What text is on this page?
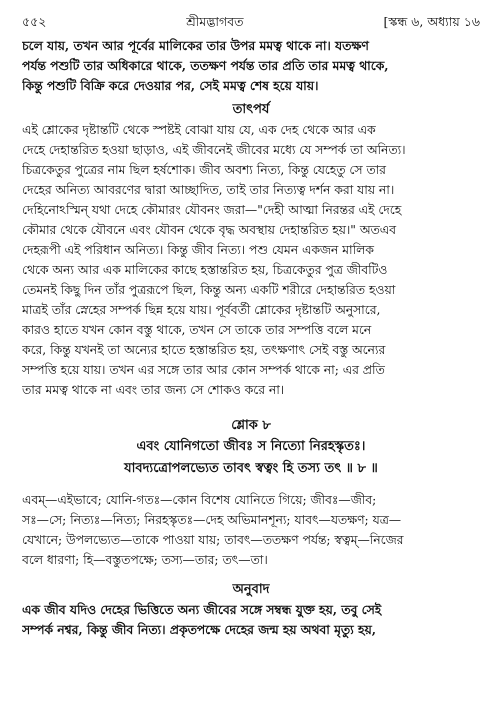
৫৫২	শ্রীমদ্ভাগবত	[স্কন্ধ ৬, অধ্যায় ১৬
চলে যায়, তখন আর পূর্বের মালিকের তার উপর মমত্ব থাকে না। যতক্ষণ
পর্যন্ত পশুটি তার অধিকারে থাকে, ততক্ষণ পর্যন্ত তার প্রতি তার মমত্ব থাকে,
কিন্তু পশুটি বিক্রি করে দেওয়ার পর, সেই মমত্ব শেষ হয়ে যায়।
তাৎপর্য
এই শ্লোকের দৃষ্টান্তটি থেকে স্পষ্টই বোঝা যায় যে, এক দেহ থেকে আর এক
দেহে দেহান্তরিত হওয়া ছাড়াও, এই জীবনেই জীবের মধ্যে যে সম্পর্ক তা অনিত্য।
চিত্রকেতুর পুত্রের নাম ছিল হর্ষশোক। জীব অবশ্য নিত্য, কিন্তু যেহেতু সে তার
দেহের অনিত্য আবরণের দ্বারা আচ্ছাদিত, তাই তার নিত্যত্ব দর্শন করা যায় না।
দেহিনোঽস্মিন্ যথা দেহে কৌমারং যৌবনং জরা—"দেহী আত্মা নিরন্তর এই দেহে
কৌমার থেকে যৌবনে এবং যৌবন থেকে বৃদ্ধ অবস্থায় দেহান্তরিত হয়।" অতএব
দেহরূপী এই পরিধান অনিত্য। কিন্তু জীব নিত্য। পশু যেমন একজন মালিক
থেকে অন্য আর এক মালিকের কাছে হস্তান্তরিত হয়, চিত্রকেতুর পুত্র জীবটিও
তেমনই কিছু দিন তাঁর পুত্ররূপে ছিল, কিন্তু অন্য একটি শরীরে দেহান্তরিত হওয়া
মাত্রই তাঁর স্নেহের সম্পর্ক ছিন্ন হয়ে যায়। পূর্ববর্তী শ্লোকের দৃষ্টান্তটি অনুসারে,
কারও হাতে যখন কোন বস্তু থাকে, তখন সে তাকে তার সম্পত্তি বলে মনে
করে, কিন্তু যখনই তা অন্যের হাতে হস্তান্তরিত হয়, তৎক্ষণাৎ সেই বস্তু অন্যের
সম্পত্তি হয়ে যায়। তখন এর সঙ্গে তার আর কোন সম্পর্ক থাকে না; এর প্রতি
তার মমত্ব থাকে না এবং তার জন্য সে শোকও করে না।
শ্লোক ৮
এবং যোনিগতো জীবঃ স নিত্যো নিরহস্কৃতঃ।
যাবদ্যত্রোপলভ্যেত তাবৎ স্বত্বং হি তস্য তৎ ॥ ৮ ॥
এবম্—এইভাবে; যোনি-গতঃ—কোন বিশেষ যোনিতে গিয়ে; জীবঃ—জীব;
সঃ—সে; নিত্যঃ—নিত্য; নিরহস্কৃতঃ—দেহ অভিমানশূন্য; যাবৎ—যতক্ষণ; যত্র—
যেখানে; উপলভ্যেত—তাকে পাওয়া যায়; তাবৎ—ততক্ষণ পর্যন্ত; স্বত্বম্—নিজের
বলে ধারণা; হি—বস্তুতপক্ষে; তস্য—তার; তৎ—তা।
অনুবাদ
এক জীব যদিও দেহের ভিত্তিতে অন্য জীবের সঙ্গে সম্বন্ধ যুক্ত হয়, তবু সেই
সম্পর্ক নশ্বর, কিন্তু জীব নিত্য। প্রকৃতপক্ষে দেহের জন্ম হয় অথবা মৃত্যু হয়,
